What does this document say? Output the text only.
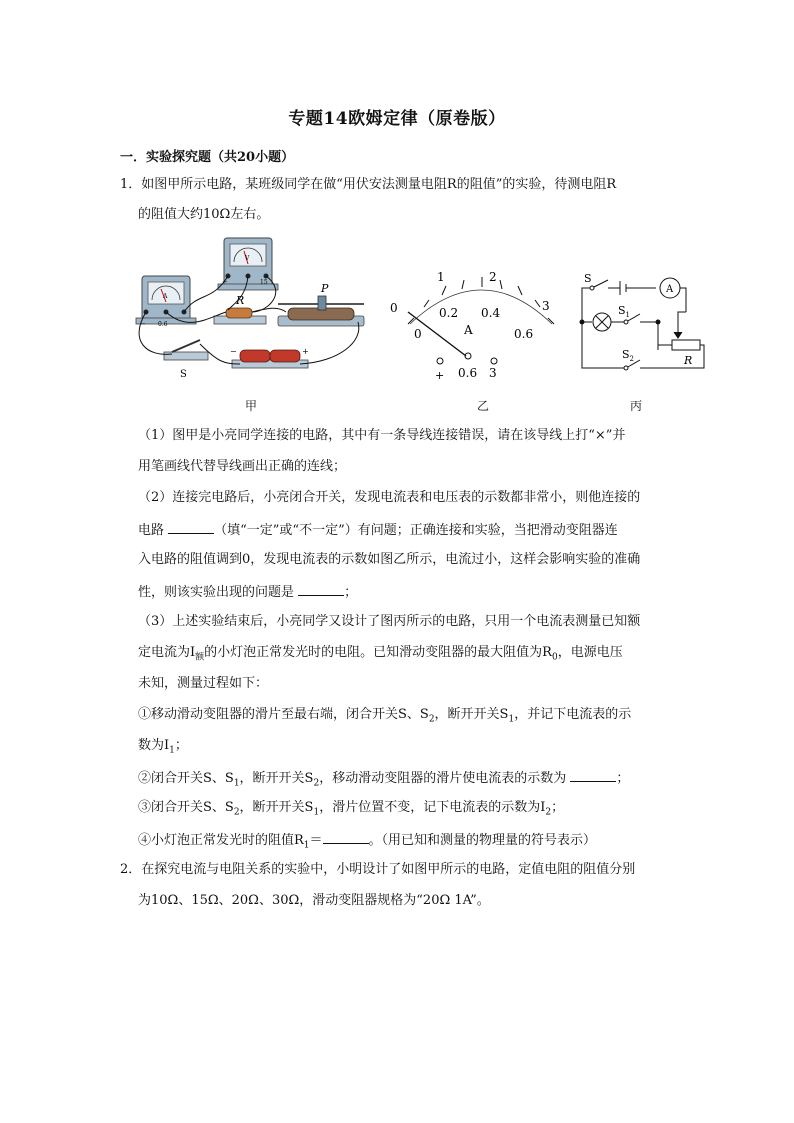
专题14欧姆定律（原卷版）
一．实验探究题（共20小题）
1．如图甲所示电路，某班级同学在做“用伏安法测量电阻R的阻值”的实验，待测电阻R
的阻值大约10Ω左右。
A
0.6
−
V
15
−
R
P
S
−	+
1	2
0	3
0
0.2 0.4
0.6
A
+ 0.6 3
A
S
$S_1$
$S_2$	R
甲	乙	丙
（1）图甲是小亮同学连接的电路，其中有一条导线连接错误，请在该导线上打“×”并
用笔画线代替导线画出正确的连线；
（2）连接完电路后，小亮闭合开关，发现电流表和电压表的示数都非常小，则他连接的
电路	（填“一定”或“不一定”）有问题；正确连接和实验，当把滑动变阻器连
入电路的阻值调到0，发现电流表的示数如图乙所示，电流过小，这样会影响实验的准确
性，则该实验出现的问题是	；
（3）上述实验结束后，小亮同学又设计了图丙所示的电路，只用一个电流表测量已知额
定电流为$I_额$的小灯泡正常发光时的电阻。已知滑动变阻器的最大阻值为$R_0$，电源电压
未知，测量过程如下：
①移动滑动变阻器的滑片至最右端，闭合开关S、$S_2$，断开开关$S_1$，并记下电流表的示
数为$I_1$；
②闭合开关S、$S_1$，断开开关$S_2$，移动滑动变阻器的滑片使电流表的示数为	；
③闭合开关S、$S_2$，断开开关$S_1$，滑片位置不变，记下电流表的示数为$I_2$；
④小灯泡正常发光时的阻值$R_1=$	。（用已知和测量的物理量的符号表示）
2．在探究电流与电阻关系的实验中，小明设计了如图甲所示的电路，定值电阻的阻值分别
为10Ω、15Ω、20Ω、30Ω，滑动变阻器规格为“20Ω 1A”。
